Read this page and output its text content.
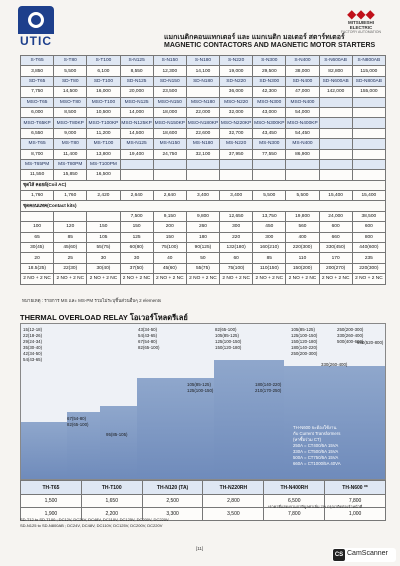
UTIC	แมกเนติกคอนแทกเตอร์ และ แมกเนติก มอเตอร์ สตาร์ทเตอร์
MAGNETIC CONTACTORS AND MAGNETIC MOTOR STARTERS
◆◆◆
MITSUBISHI ELECTRIC
FACTORY AUTOMATION
S-T65	S-T80	S-T100	S-N125	S-N150	S-N180	S-N220	S-N300	S-N400	S-N600AB	S-N800AB
3,850	5,500	6,100	8,550	12,300	14,100	19,000	29,500	38,000	82,800	115,000
SD-T65	SD-T80	SD-T100	SD-N125	SD-N150	SD-N180	SD-N220	SD-N300	SD-N400	SD-N600AB	SD-N800AB
7,750	14,500	16,000	20,000	23,500		36,000	42,300	47,000	142,000	155,000
MSO-T65	MSO-T80	MSO-T100	MSO-N125	MSO-N150	MSO-N180	MSO-N220	MSO-N300	MSO-N400		
6,000	8,500	10,500	14,000	18,000	22,000	32,000	43,000	54,000		
MSO-T65KP	MSO-T80KP	MSO-T100KP	MSO-N125KP	MSO-N150KP	MSO-N180KP	MSO-N220KP	MSO-N300KP	MSO-N400KP		
6,550	9,000	11,200	14,500	18,600	22,600	32,700	43,450	54,450		
MS-T65	MS-T80	MS-T100	MS-N125	MS-N150	MS-N180	MS-N220	MS-N300	MS-N400		
8,700	11,400	13,800	19,400	24,750	32,100	37,950	77,550	86,900		
MS-T65PM	MS-T80PM	MS-T100PM								
11,550	15,850	16,500								
ชุดไส้ คอยล์(Coil AC)										
1,760	1,760	2,420	2,640	2,640	3,400	3,400	5,500	5,500	15,400	15,400
ชุดคอนแทค(Contact kits)										
			7,500	9,150	9,800	12,650	13,750	19,800	24,000	38,500
100	120	150	150	200	260	300	450	560	600	600
65	85	105	125	150	180	220	300	400	660	800
30(45)	45(60)	55(75)	60(80)	75(100)	90(125)	132(180)	160(210)	220(300)	330(450)	440(600)
20	25	30	30	40	50	60	85	110	170	235
18.5(25)	22(30)	30(40)	37(50)	45(60)	55(75)	75(100)	110(150)	150(200)	200(270)	220(300)
2 NO + 2 NC	2 NO + 2 NC	2 NO + 2 NC	2 NO + 2 NC	2 NO + 2 NC	2 NO + 2 NC	2 NO + 2 NC	2 NO + 2 NC	2 NO + 2 NC	2 NO + 2 NC	2 NO + 2 NC
หมายเหตุ : รายการ MS และ MS-PM รวมไม่ระบุชิ้นส่วนอื่นๆ 2 elements
THERMAL OVERLOAD RELAY โอเวอร์โหลดรีเลย์
15(12-18)
22(18-26)
29(24-34)
35(30-40)
42(34-50)
54(43-65)
67(54-80)
82(65-100)
95(85-105)
43(34-50)
54(43-65)
67(54-80)
82(65-100)
105(85-125)
125(100-150)
82(65-100)
105(85-125)
125(100-150)
150(120-180)
180(140-220)
210(170-250)
105(85-125)
125(100-150)
150(120-180)
180(140-220)
250(200-300)
330(260-400)
250(200-300)
330(260-400)
500(400-600)
660(520-800)
TH-N600 จะต้องใช้งาน
กับ Current Transformers
(หาซื้อร่วม CT)
250A = CT400/5A 15VA
330A = CT500/5A 15VA
500A = CT750/5A 15VA
660A = CT1000/5A 40VA
TH-T65	TH-T100	TH-N120 (TA)	TH-N220RH	TH-N400RH	TH-N600 **
1,500	1,650	2,500	2,800	6,500	7,800
1,900	2,200	3,300	3,500	7,800	1,000
*ราคาที่แสดงรวมภาษีมูลค่าเพิ่ม 7% กรุณาติดต่อเจ้าหน้าที่
SD-T12 to SD-T100 ; DC12V, DC24V, DC48V, DC110V, DC125V, DC200V, DC220V
SD-N125 to SD-N800AB ; DC24V, DC48V, DC110V, DC125V, DC200V, DC220V
[11]
CS CamScanner
